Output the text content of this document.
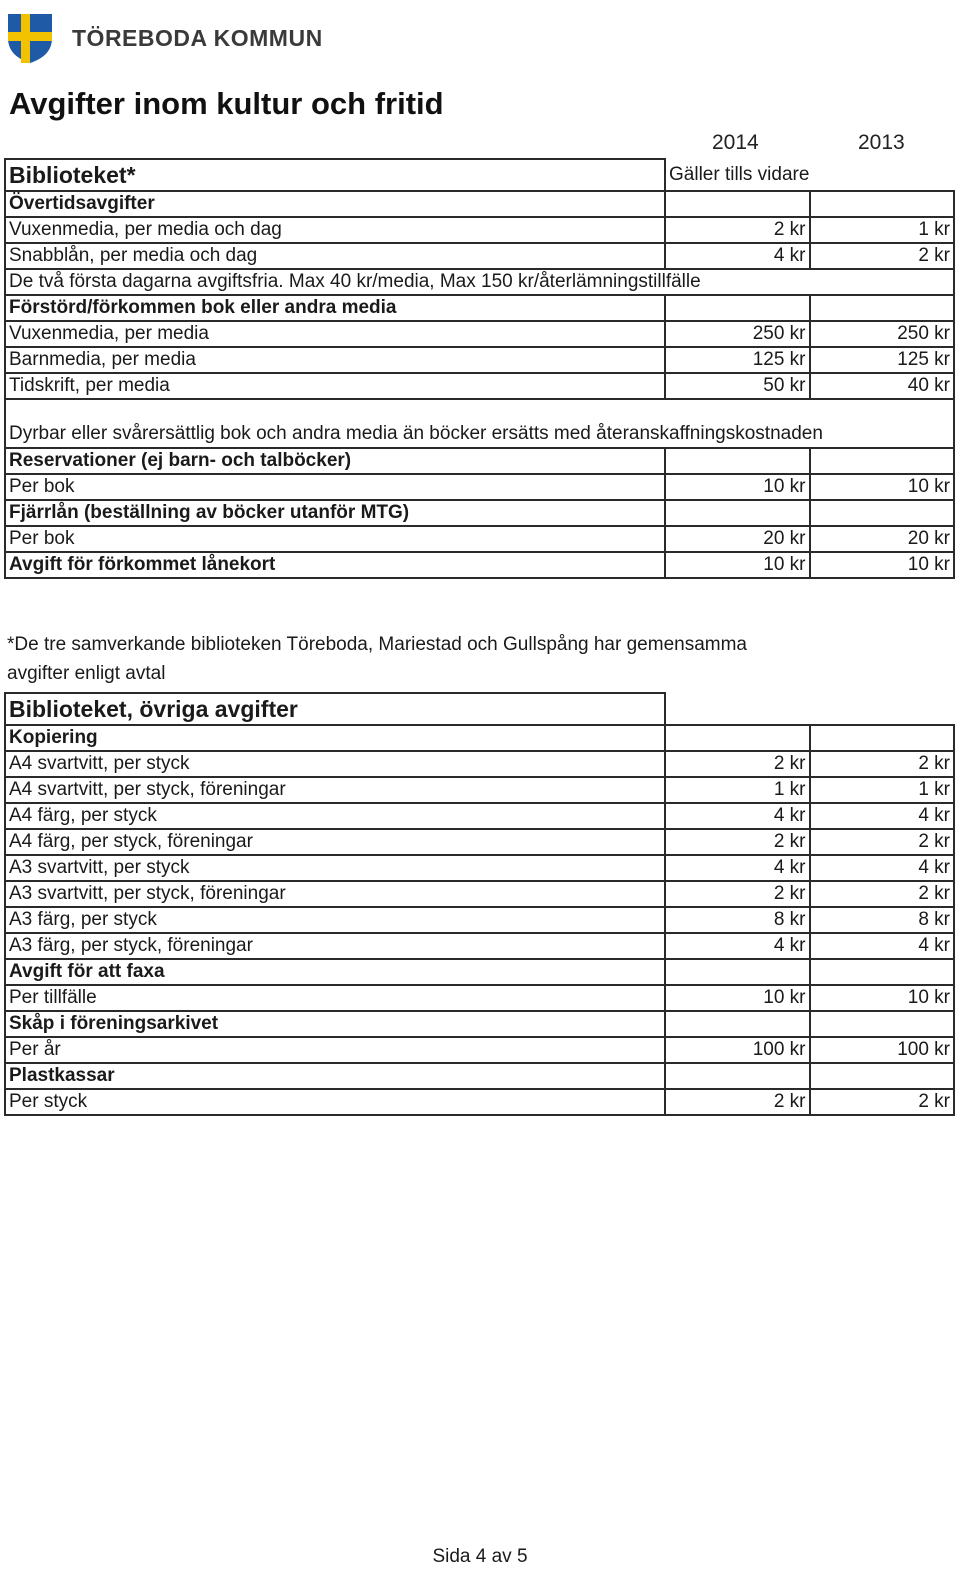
TÖREBODA KOMMUN
Avgifter inom kultur och fritid
2014	2013
Biblioteket*	Gäller tills vidare	
Övertidsavgifter		
Vuxenmedia, per media och dag	2 kr	1 kr
Snabblån, per media och dag	4 kr	2 kr
De två första dagarna avgiftsfria. Max 40 kr/media, Max 150 kr/återlämningstillfälle		
Förstörd/förkommen bok eller andra media		
Vuxenmedia, per media	250 kr	250 kr
Barnmedia, per media	125 kr	125 kr
Tidskrift, per media	50 kr	40 kr
Dyrbar eller svårersättlig bok och andra media än böcker ersätts med återanskaffningskostnaden		
Reservationer (ej barn- och talböcker)		
Per bok	10 kr	10 kr
Fjärrlån (beställning av böcker utanför MTG)		
Per bok	20 kr	20 kr
Avgift för förkommet lånekort	10 kr	10 kr

*De tre samverkande biblioteken Töreboda, Mariestad och Gullspång har gemensamma avgifter enligt avtal

Biblioteket, övriga avgifter		
Kopiering		
A4 svartvitt, per styck	2 kr	2 kr
A4 svartvitt, per styck, föreningar	1 kr	1 kr
A4 färg, per styck	4 kr	4 kr
A4 färg, per styck, föreningar	2 kr	2 kr
A3 svartvitt, per styck	4 kr	4 kr
A3 svartvitt, per styck, föreningar	2 kr	2 kr
A3 färg, per styck	8 kr	8 kr
A3 färg, per styck, föreningar	4 kr	4 kr
Avgift för att faxa		
Per tillfälle	10 kr	10 kr
Skåp i föreningsarkivet		
Per år	100 kr	100 kr
Plastkassar		
Per styck	2 kr	2 kr
Sida 4 av 5
